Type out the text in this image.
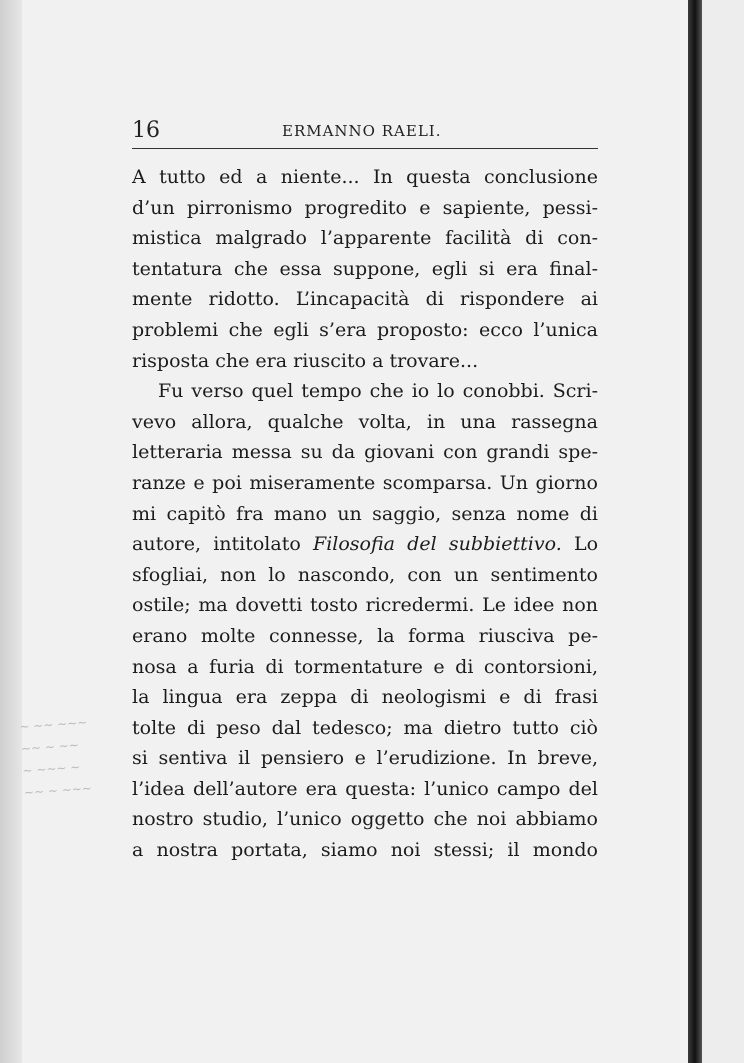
16	ERMANNO RAELI.
~ ~~ ~~~
~~ ~ ~~
~ ~~~ ~
~~ ~ ~~~
A tutto ed a niente... In questa conclusione
d’un pirronismo progredito e sapiente, pessi-
mistica malgrado l’apparente facilità di con-
tentatura che essa suppone, egli si era final-
mente ridotto. L’incapacità di rispondere ai
problemi che egli s’era proposto: ecco l’unica
risposta che era riuscito a trovare...
Fu verso quel tempo che io lo conobbi. Scri-
vevo allora, qualche volta, in una rassegna
letteraria messa su da giovani con grandi spe-
ranze e poi miseramente scomparsa. Un giorno
mi capitò fra mano un saggio, senza nome di
autore, intitolato Filosofia del subbiettivo. Lo
sfogliai, non lo nascondo, con un sentimento
ostile; ma dovetti tosto ricredermi. Le idee non
erano molte connesse, la forma riusciva pe-
nosa a furia di tormentature e di contorsioni,
la lingua era zeppa di neologismi e di frasi
tolte di peso dal tedesco; ma dietro tutto ciò
si sentiva il pensiero e l’erudizione. In breve,
l’idea dell’autore era questa: l’unico campo del
nostro studio, l’unico oggetto che noi abbiamo
a nostra portata, siamo noi stessi; il mondo
